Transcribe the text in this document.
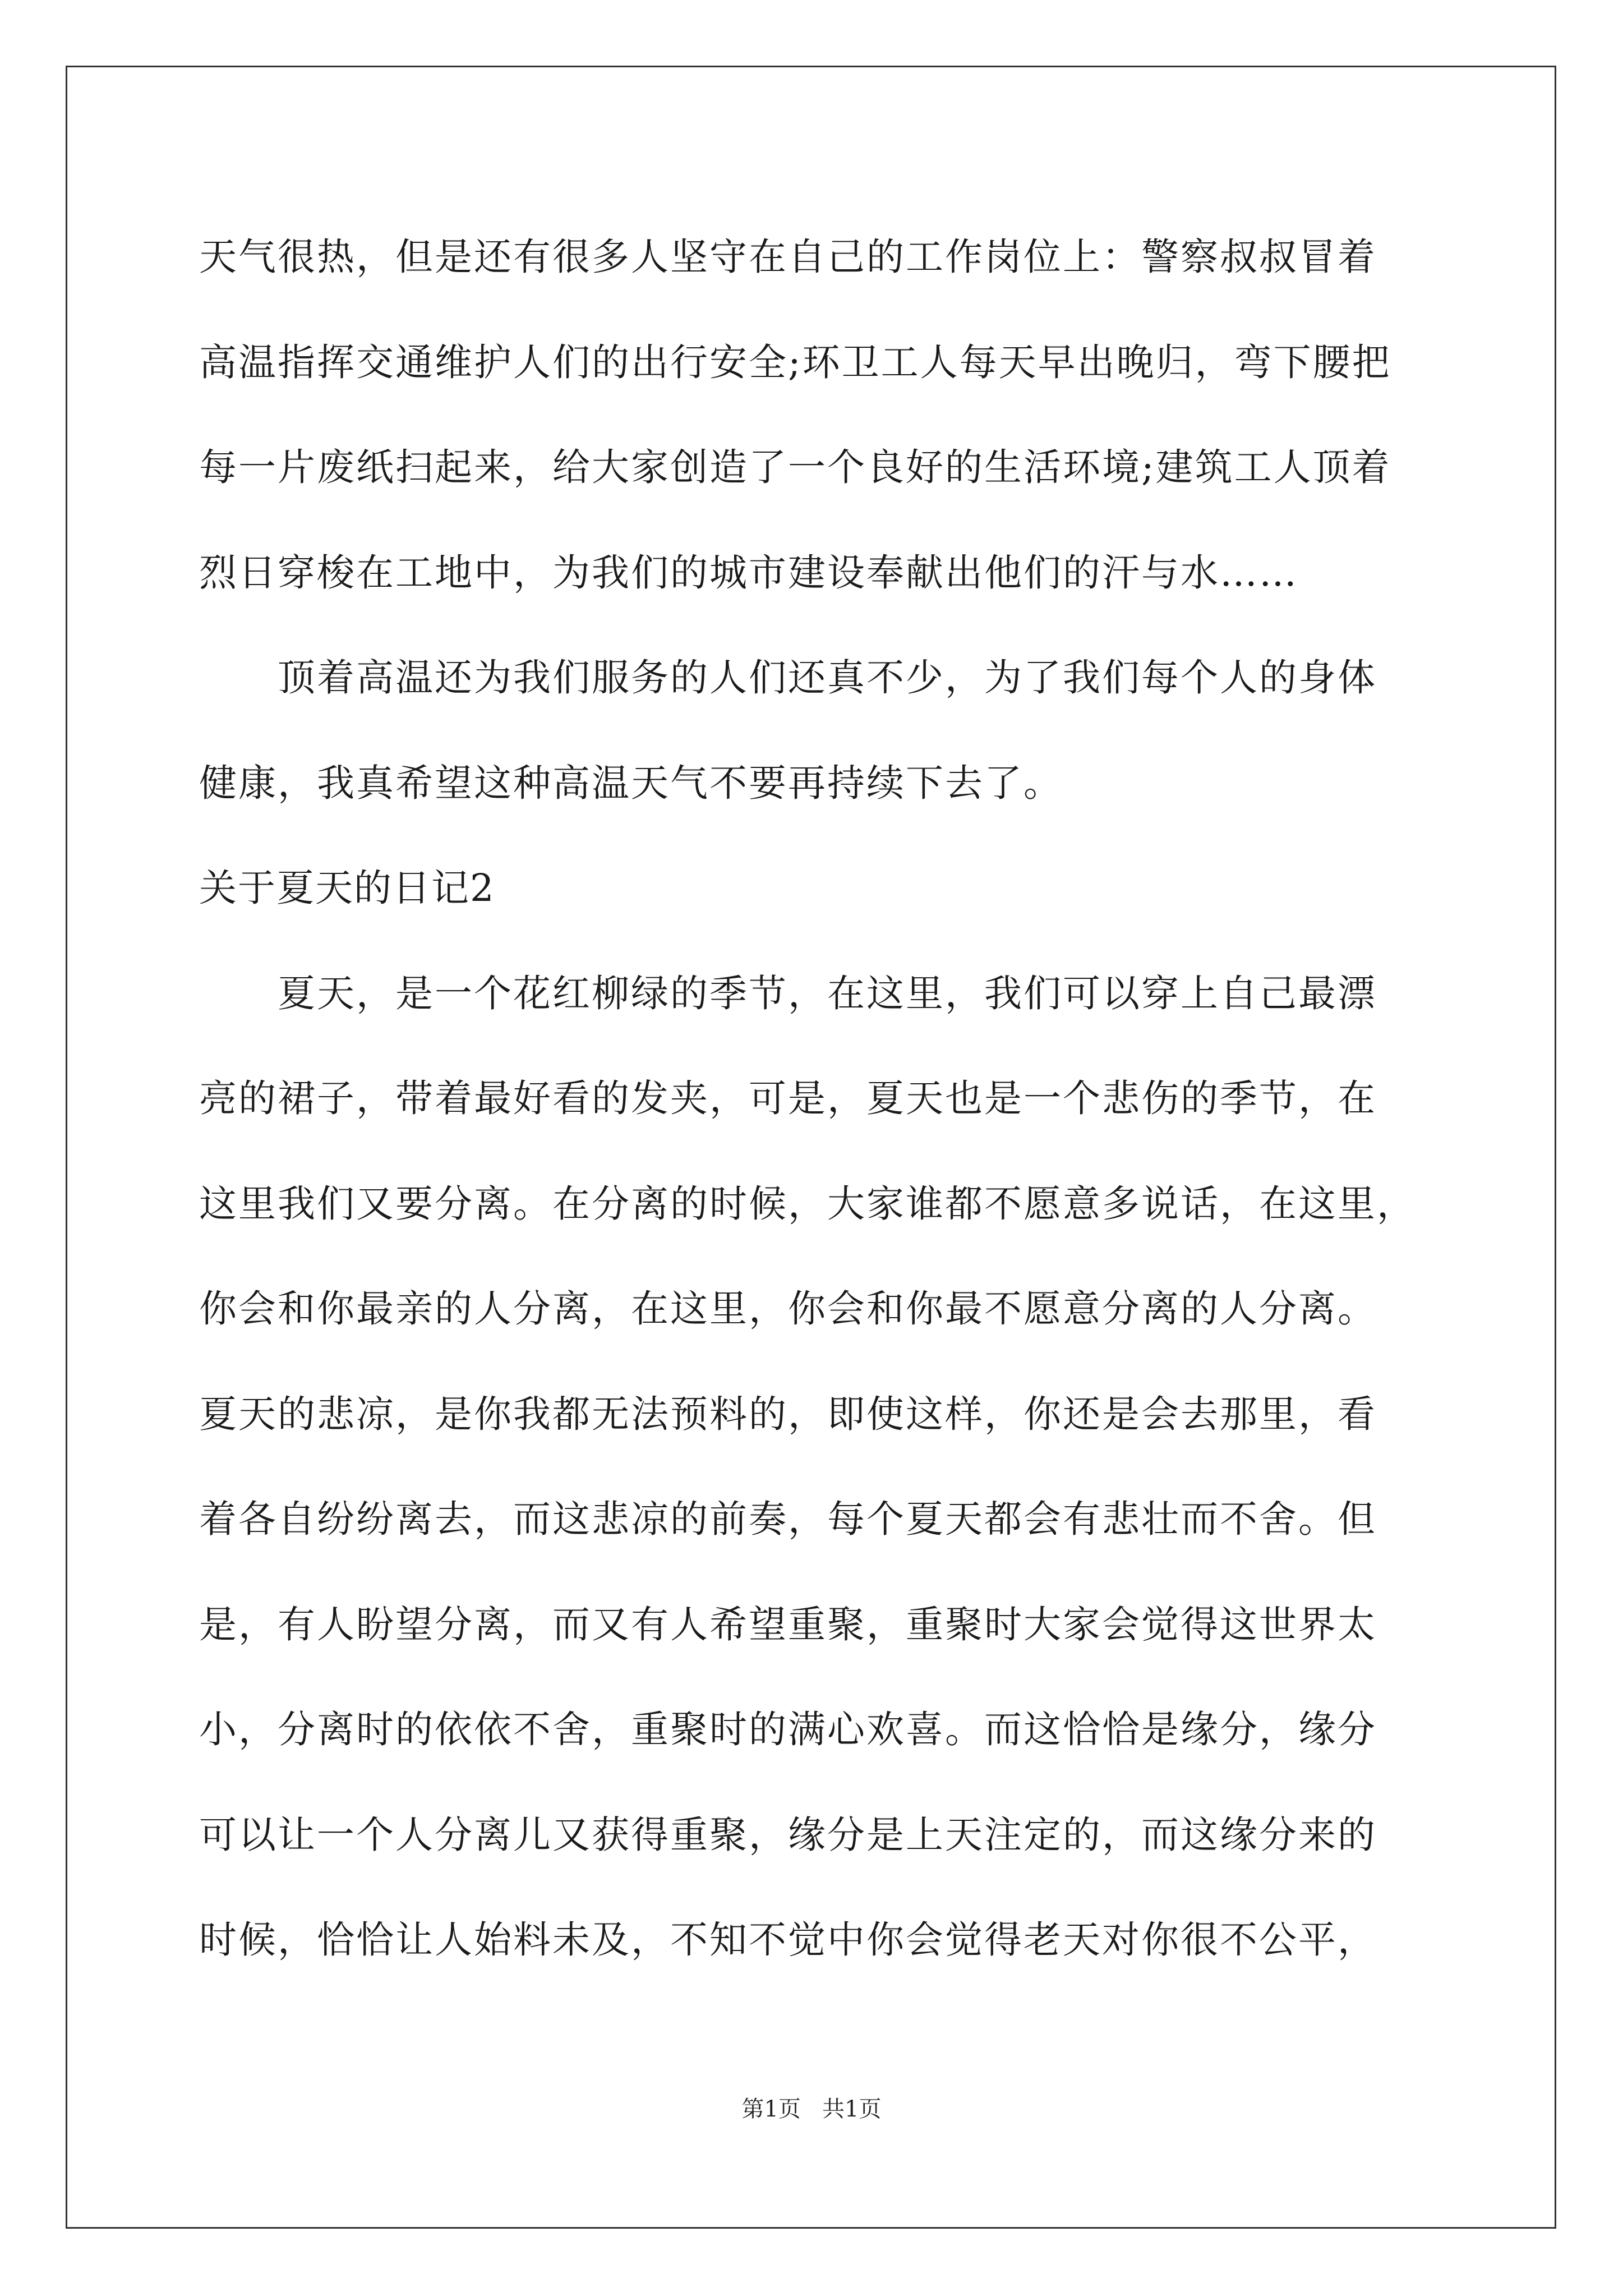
天气很热，但是还有很多人坚守在自己的工作岗位上：警察叔叔冒着
高温指挥交通维护人们的出行安全;环卫工人每天早出晚归，弯下腰把
每一片废纸扫起来，给大家创造了一个良好的生活环境;建筑工人顶着
烈日穿梭在工地中，为我们的城市建设奉献出他们的汗与水……
　　顶着高温还为我们服务的人们还真不少，为了我们每个人的身体
健康，我真希望这种高温天气不要再持续下去了。
关于夏天的日记2
　　夏天，是一个花红柳绿的季节，在这里，我们可以穿上自己最漂
亮的裙子，带着最好看的发夹，可是，夏天也是一个悲伤的季节，在
这里我们又要分离。在分离的时候，大家谁都不愿意多说话，在这里，
你会和你最亲的人分离，在这里，你会和你最不愿意分离的人分离。
夏天的悲凉，是你我都无法预料的，即使这样，你还是会去那里，看
着各自纷纷离去，而这悲凉的前奏，每个夏天都会有悲壮而不舍。但
是，有人盼望分离，而又有人希望重聚，重聚时大家会觉得这世界太
小，分离时的依依不舍，重聚时的满心欢喜。而这恰恰是缘分，缘分
可以让一个人分离儿又获得重聚，缘分是上天注定的，而这缘分来的
时候，恰恰让人始料未及，不知不觉中你会觉得老天对你很不公平，
第1页   共1页
